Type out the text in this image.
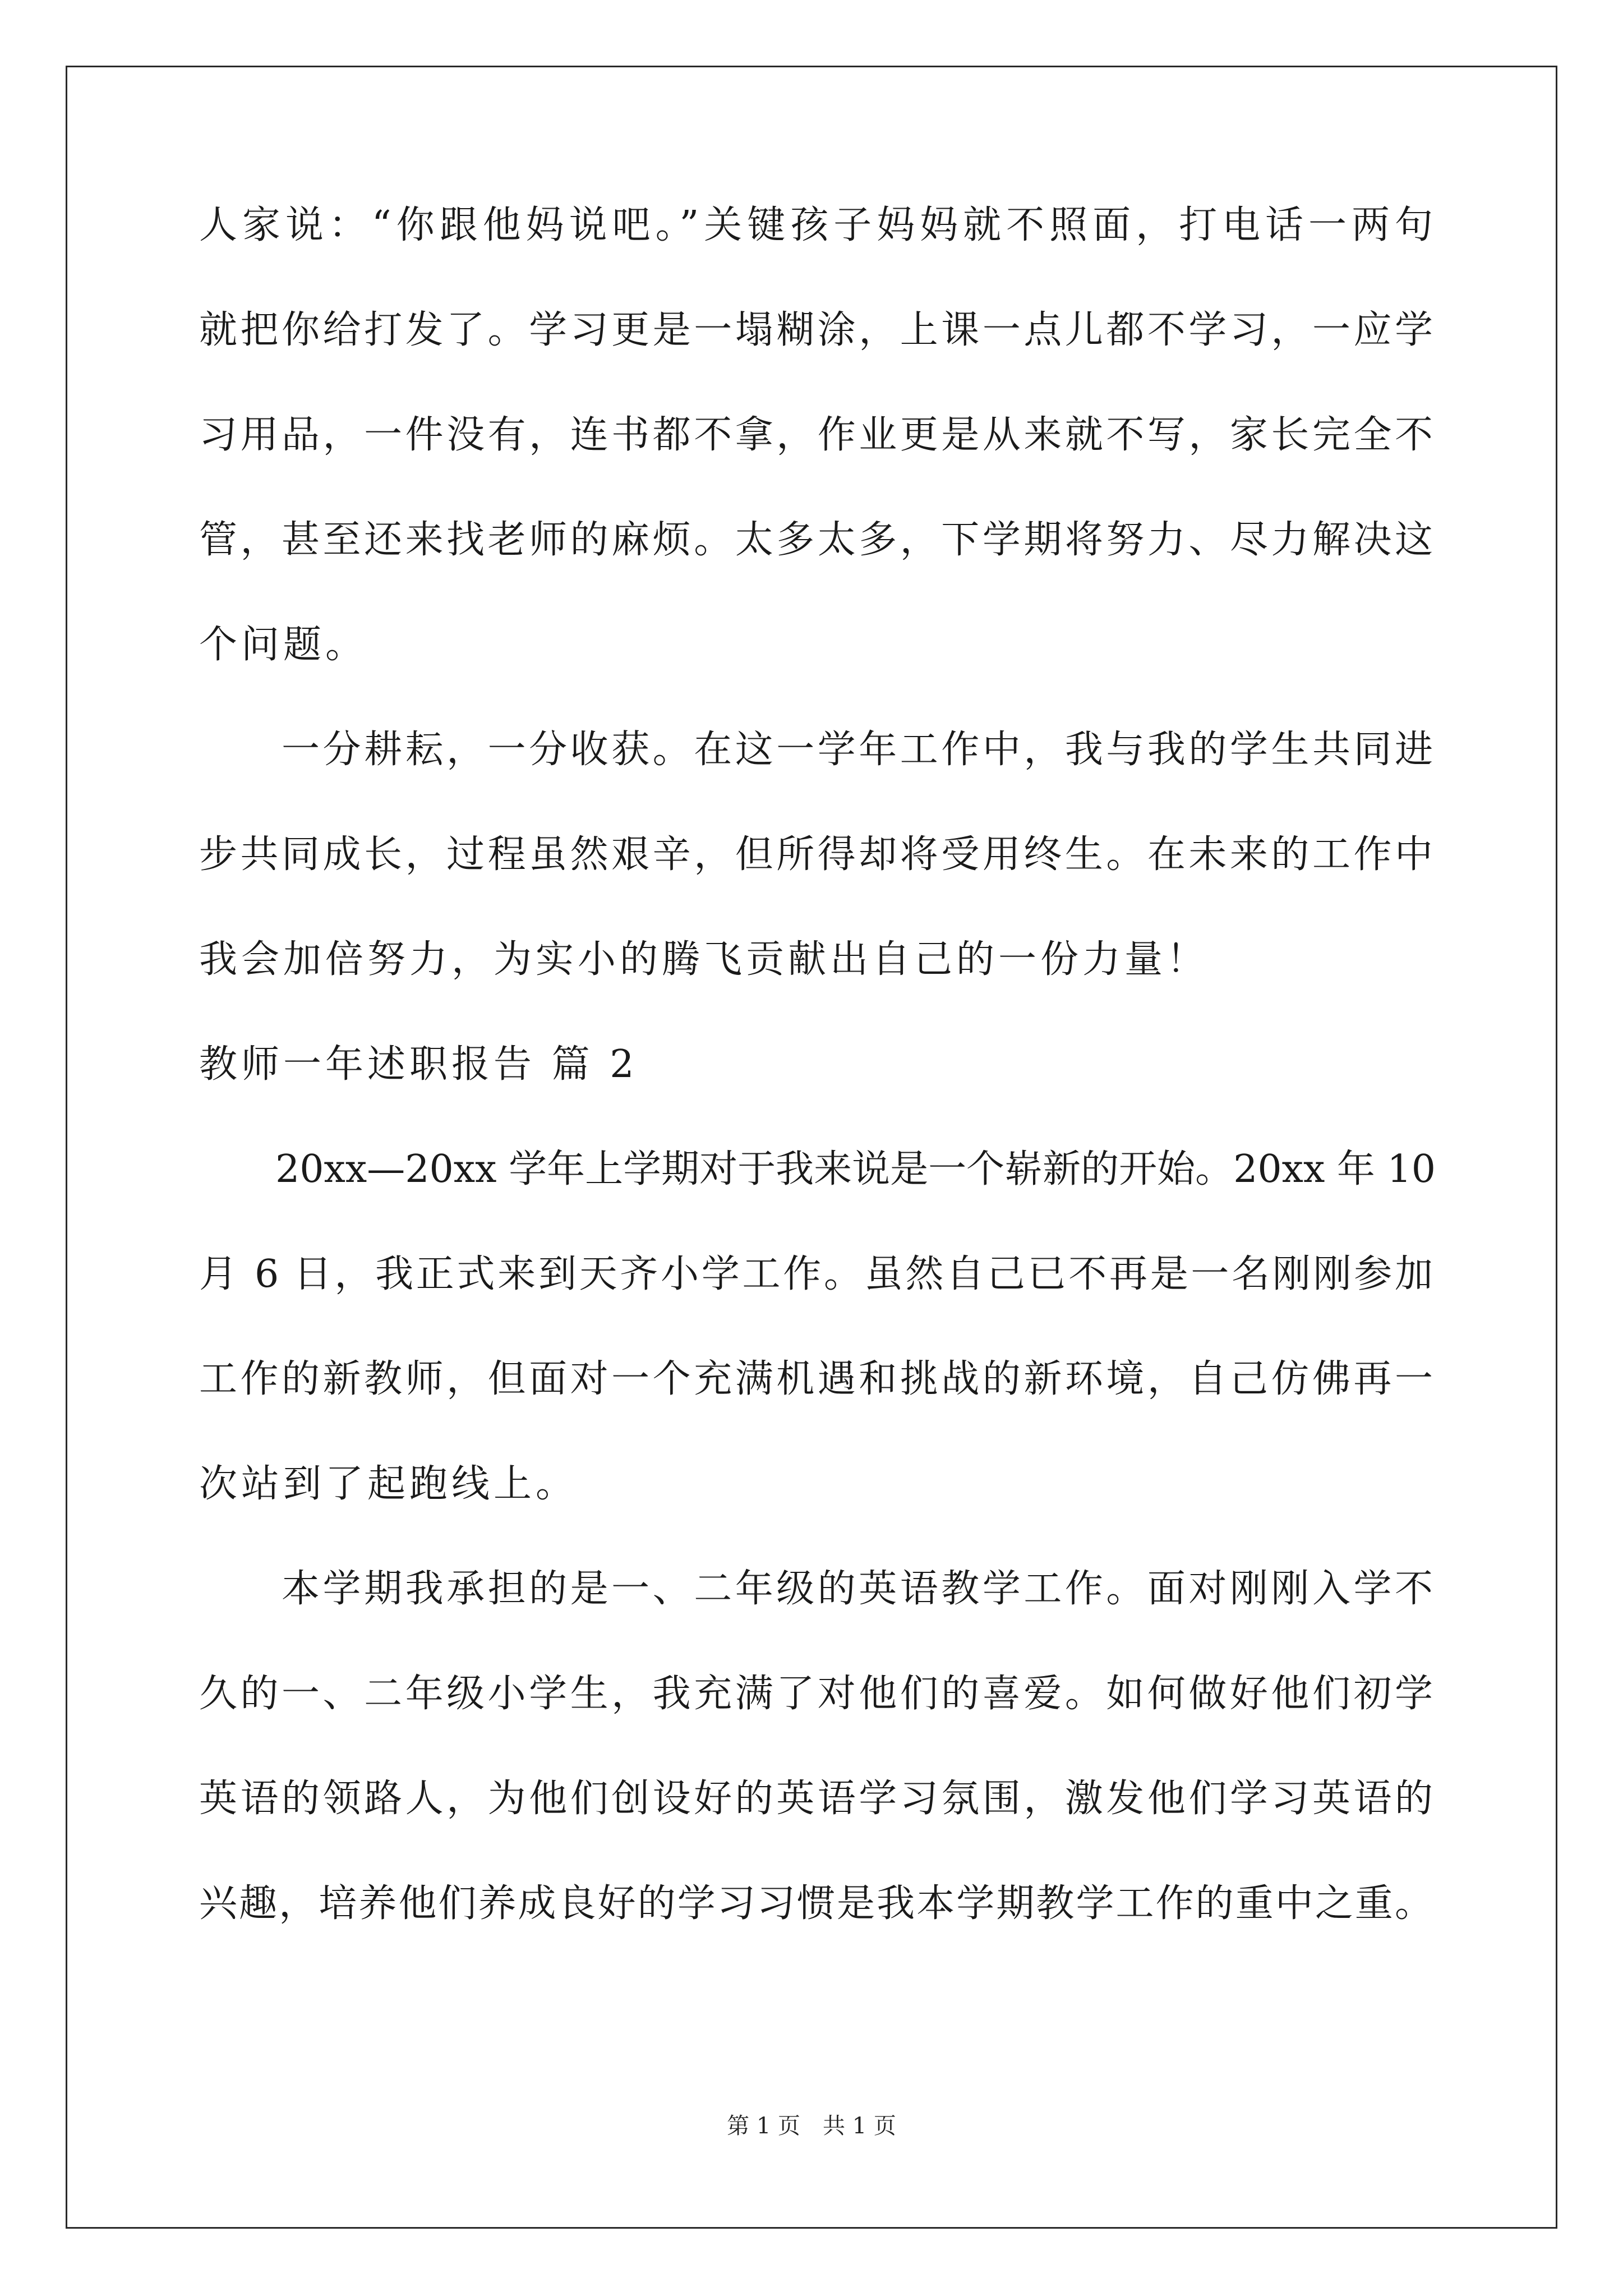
人家说：“你跟他妈说吧。”关键孩子妈妈就不照面，打电话一两句

就把你给打发了。学习更是一塌糊涂，上课一点儿都不学习，一应学

习用品，一件没有，连书都不拿，作业更是从来就不写，家长完全不

管，甚至还来找老师的麻烦。太多太多，下学期将努力、尽力解决这

个问题。

　　一分耕耘，一分收获。在这一学年工作中，我与我的学生共同进

步共同成长，过程虽然艰辛，但所得却将受用终生。在未来的工作中

我会加倍努力，为实小的腾飞贡献出自己的一份力量！

教师一年述职报告 篇 2

　　20xx—20xx 学年上学期对于我来说是一个崭新的开始。20xx 年 10

月 6 日，我正式来到天齐小学工作。虽然自己已不再是一名刚刚参加

工作的新教师，但面对一个充满机遇和挑战的新环境，自己仿佛再一

次站到了起跑线上。

　　本学期我承担的是一、二年级的英语教学工作。面对刚刚入学不

久的一、二年级小学生，我充满了对他们的喜爱。如何做好他们初学

英语的领路人，为他们创设好的英语学习氛围，激发他们学习英语的

兴趣，培养他们养成良好的学习习惯是我本学期教学工作的重中之重。

第 1 页　共 1 页
